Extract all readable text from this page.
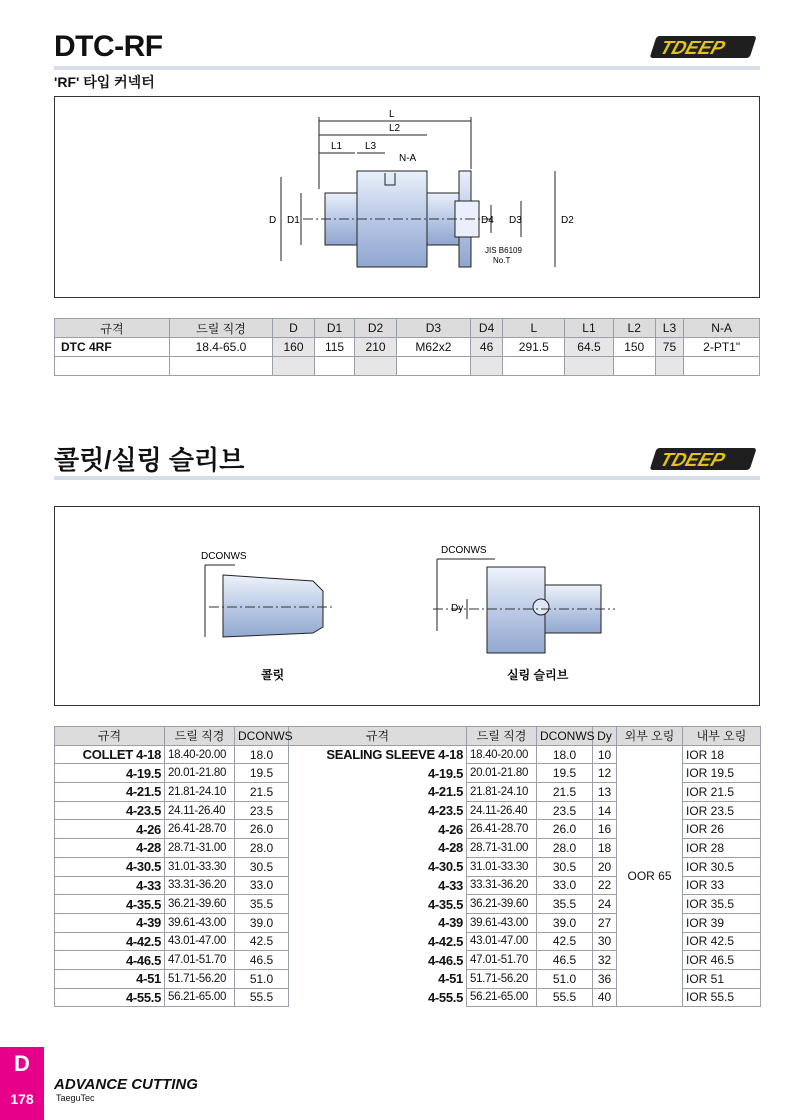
DTC-RF	TDEEP
'RF' 타입 커넥터
L
L2
L1 L3
N-A
D D1	D2
D3
D4
JIS B6109
No.T
규격	드릴 직경	D	D1	D2	D3	D4	L	L1	L2	L3	N-A
DTC 4RF	18.4-65.0	160	115	210	M62x2	46	291.5	64.5	150	75	2-PT1"

콜릿/실링 슬리브	TDEEP
DCONWS
콜릿
DCONWS
Dy
실링 슬리브
규격	드릴 직경	DCONWS	규격	드릴 직경	DCONWS	Dy	외부 오링	내부 오링
COLLET 4-18	18.40-20.00	18.0	SEALING SLEEVE 4-18	18.40-20.00	18.0	10	OOR 65	IOR 18
4-19.5	20.01-21.80	19.5	4-19.5	20.01-21.80	19.5	12		IOR 19.5
4-21.5	21.81-24.10	21.5	4-21.5	21.81-24.10	21.5	13		IOR 21.5
4-23.5	24.11-26.40	23.5	4-23.5	24.11-26.40	23.5	14		IOR 23.5
4-26	26.41-28.70	26.0	4-26	26.41-28.70	26.0	16		IOR 26
4-28	28.71-31.00	28.0	4-28	28.71-31.00	28.0	18		IOR 28
4-30.5	31.01-33.30	30.5	4-30.5	31.01-33.30	30.5	20		IOR 30.5
4-33	33.31-36.20	33.0	4-33	33.31-36.20	33.0	22		IOR 33
4-35.5	36.21-39.60	35.5	4-35.5	36.21-39.60	35.5	24		IOR 35.5
4-39	39.61-43.00	39.0	4-39	39.61-43.00	39.0	27		IOR 39
4-42.5	43.01-47.00	42.5	4-42.5	43.01-47.00	42.5	30		IOR 42.5
4-46.5	47.01-51.70	46.5	4-46.5	47.01-51.70	46.5	32		IOR 46.5
4-51	51.71-56.20	51.0	4-51	51.71-56.20	51.0	36		IOR 51
4-55.5	56.21-65.00	55.5	4-55.5	56.21-65.00	55.5	40		IOR 55.5
D
178
ADVANCE CUTTING
TaeguTec
